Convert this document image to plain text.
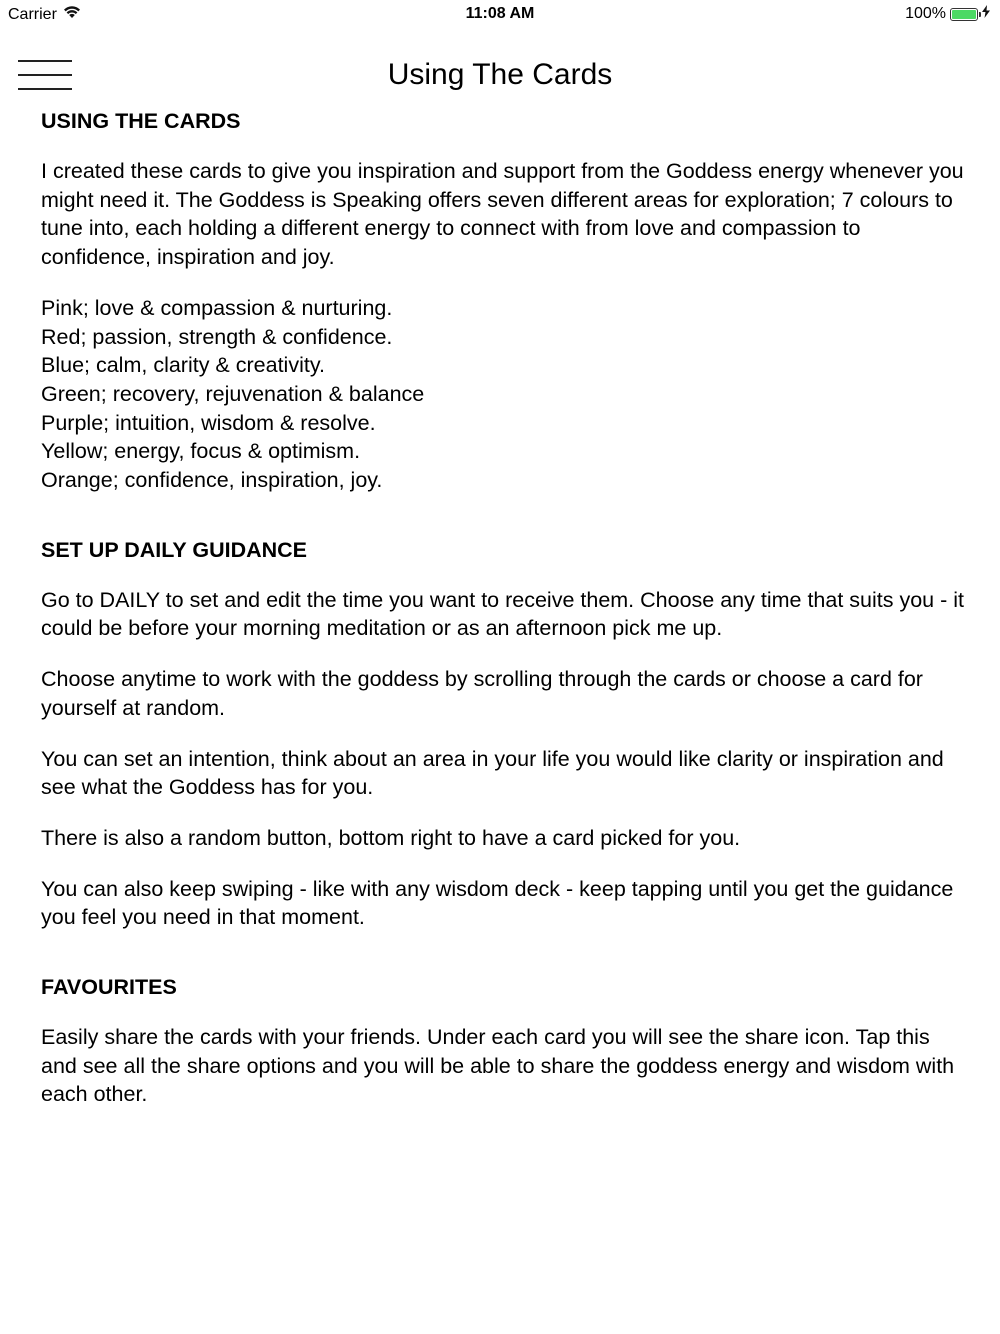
Carrier	11:08 AM	100%
Using The Cards
USING THE CARDS

I created these cards to give you inspiration and support from the Goddess energy whenever you might need it. The Goddess is Speaking offers seven different areas for exploration; 7 colours to tune into, each holding a different energy to connect with from love and compassion to confidence, inspiration and joy.

Pink; love & compassion & nurturing.
Red; passion, strength & confidence.
Blue; calm, clarity & creativity.
Green; recovery, rejuvenation & balance
Purple; intuition, wisdom & resolve.
Yellow; energy, focus & optimism.
Orange; confidence, inspiration, joy.
SET UP DAILY GUIDANCE

Go to DAILY to set and edit the time you want to receive them. Choose any time that suits you - it could be before your morning meditation or as an afternoon pick me up.

Choose anytime to work with the goddess by scrolling through the cards or choose a card for yourself at random.

You can set an intention, think about an area in your life you would like clarity or inspiration and see what the Goddess has for you.

There is also a random button, bottom right to have a card picked for you.

You can also keep swiping - like with any wisdom deck - keep tapping until you get the guidance you feel you need in that moment.

FAVOURITES

Easily share the cards with your friends. Under each card you will see the share icon. Tap this and see all the share options and you will be able to share the goddess energy and wisdom with each other.
